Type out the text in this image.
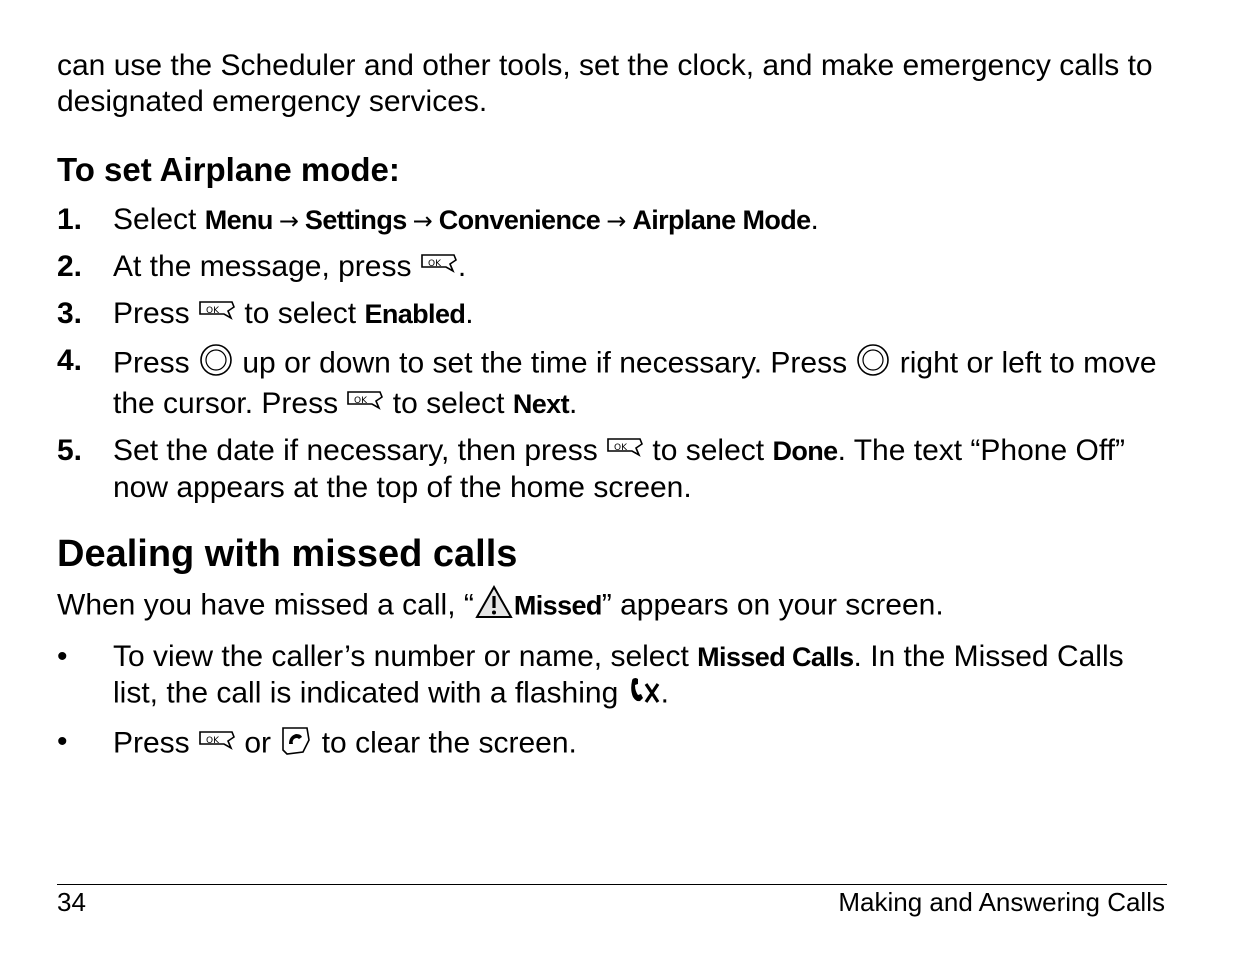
can use the Scheduler and other tools, set the clock, and make emergency calls to designated emergency services.

To set Airplane mode:
1. Select Menu → Settings → Convenience → Airplane Mode.
2. At the message, press OK .
3. Press OK to select Enabled.
4. Press  up or down to set the time if necessary. Press  right or left to move the cursor. Press OK to select Next.
5. Set the date if necessary, then press OK to select Done. The text “Phone Off” now appears at the top of the home screen.
Dealing with missed calls

When you have missed a call, “ Missed” appears on your screen.

• To view the caller’s number or name, select Missed Calls. In the Missed Calls list, the call is indicated with a flashing .
• Press OK or  to clear the screen.
34	Making and Answering Calls
